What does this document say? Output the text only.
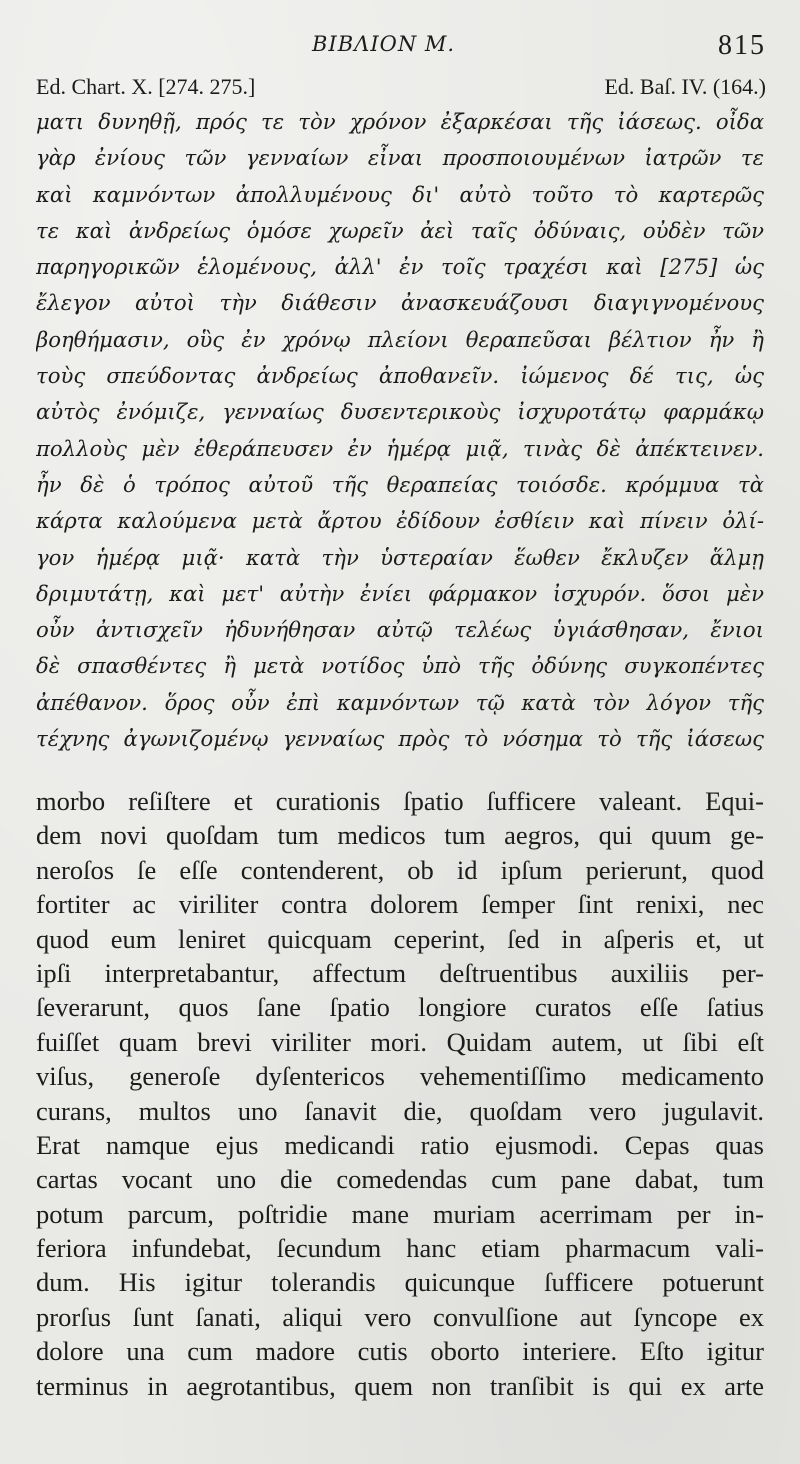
ΒΙΒΛΙΟΝ Μ.	815
Ed. Chart. X. [274. 275.]	Ed. Baſ. IV. (164.)
ματι δυνηθῇ, πρός τε τὸν χρόνον ἐξαρκέσαι τῆς ἰάσεως. οἶδα
γὰρ ἐνίους τῶν γενναίων εἶναι προσποιουμένων ἰατρῶν τε
καὶ καμνόντων ἀπολλυμένους δι' αὐτὸ τοῦτο τὸ καρτερῶς
τε καὶ ἀνδρείως ὁμόσε χωρεῖν ἀεὶ ταῖς ὀδύναις, οὐδὲν τῶν
παρηγορικῶν ἑλομένους, ἀλλ' ἐν τοῖς τραχέσι καὶ [275] ὡς
ἔλεγον αὐτοὶ τὴν διάθεσιν ἀνασκευάζουσι διαγιγνομένους
βοηθήμασιν, οὓς ἐν χρόνῳ πλείονι θεραπεῦσαι βέλτιον ἦν ἢ
τοὺς σπεύδοντας ἀνδρείως ἀποθανεῖν. ἰώμενος δέ τις, ὡς
αὐτὸς ἐνόμιζε, γενναίως δυσεντερικοὺς ἰσχυροτάτῳ φαρμάκῳ
πολλοὺς μὲν ἐθεράπευσεν ἐν ἡμέρᾳ μιᾷ, τινὰς δὲ ἀπέκτεινεν.
ἦν δὲ ὁ τρόπος αὐτοῦ τῆς θεραπείας τοιόσδε. κρόμμυα τὰ
κάρτα καλούμενα μετὰ ἄρτου ἐδίδουν ἐσθίειν καὶ πίνειν ὀλί-
γον ἡμέρᾳ μιᾷ· κατὰ τὴν ὑστεραίαν ἕωθεν ἔκλυζεν ἅλμῃ
δριμυτάτῃ, καὶ μετ' αὐτὴν ἐνίει φάρμακον ἰσχυρόν. ὅσοι μὲν
οὖν ἀντισχεῖν ἠδυνήθησαν αὐτῷ τελέως ὑγιάσθησαν, ἔνιοι
δὲ σπασθέντες ἢ μετὰ νοτίδος ὑπὸ τῆς ὀδύνης συγκοπέντες
ἀπέθανον. ὅρος οὖν ἐπὶ καμνόντων τῷ κατὰ τὸν λόγον τῆς
τέχνης ἀγωνιζομένῳ γενναίως πρὸς τὸ νόσημα τὸ τῆς ἰάσεως
morbo reſiſtere et curationis ſpatio ſufficere valeant. Equi-
dem novi quoſdam tum medicos tum aegros, qui quum ge-
neroſos ſe eſſe contenderent, ob id ipſum perierunt, quod
fortiter ac viriliter contra dolorem ſemper ſint renixi, nec
quod eum leniret quicquam ceperint, ſed in aſperis et, ut
ipſi interpretabantur, affectum deſtruentibus auxiliis per-
ſeverarunt, quos ſane ſpatio longiore curatos eſſe ſatius
fuiſſet quam brevi viriliter mori. Quidam autem, ut ſibi eſt
viſus, generoſe dyſentericos vehementiſſimo medicamento
curans, multos uno ſanavit die, quoſdam vero jugulavit.
Erat namque ejus medicandi ratio ejusmodi. Cepas quas
cartas vocant uno die comedendas cum pane dabat, tum
potum parcum, poſtridie mane muriam acerrimam per in-
feriora infundebat, ſecundum hanc etiam pharmacum vali-
dum. His igitur tolerandis quicunque ſufficere potuerunt
prorſus ſunt ſanati, aliqui vero convulſione aut ſyncope ex
dolore una cum madore cutis oborto interiere. Eſto igitur
terminus in aegrotantibus, quem non tranſibit is qui ex arte
